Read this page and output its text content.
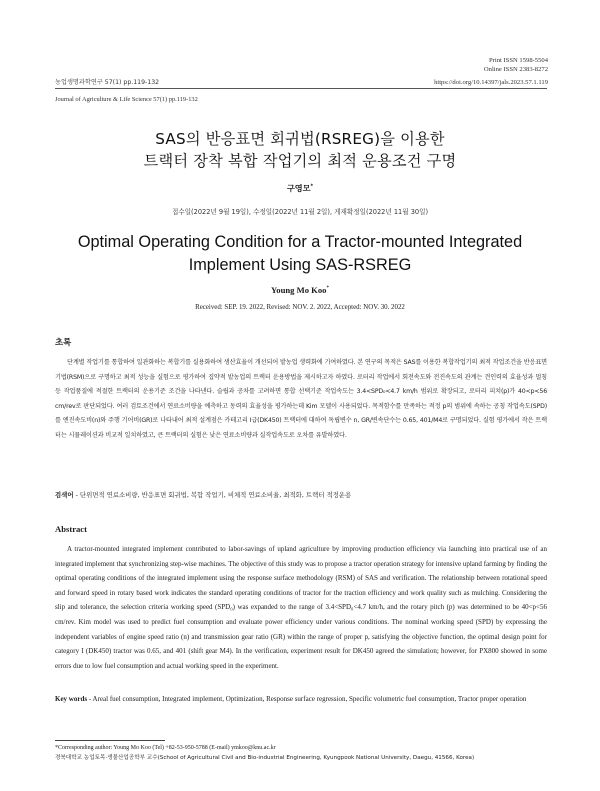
Print ISSN 1598-5504
Online ISSN 2383-8272
https://doi.org/10.14397/jals.2023.57.1.119
농업생명과학연구 57(1) pp.119-132
Journal of Agriculture & Life Science 57(1) pp.119-132
SAS의 반응표면 회귀법(RSREG)을 이용한
트랙터 장착 복합 작업기의 최적 운용조건 구명
구영모*
접수일(2022년 9월 19일), 수정일(2022년 11월 2일), 게재확정일(2022년 11월 30일)
Optimal Operating Condition for a Tractor-mounted Integrated
Implement Using SAS-RSREG
Young Mo Koo*
Received: SEP. 19. 2022, Revised: NOV. 2. 2022, Accepted: NOV. 30. 2022
초록

단계별 작업기를 통합하여 일관화하는 복합기를 실용화하여 생산효율이 개선되어 밭농업 생력화에 기여하였다. 본 연구의 목적은 SAS를 이용한 복합작업기의 최적 작업조건을 반응표면기법(RSM)으로 구명하고 최적 성능을 실험으로 평가하여 집약적 밭농업의 트랙터 운용방법을 제시하고자 하였다. 로터리 작업에서 회전속도와 전진속도의 관계는 견인력의 효율성과 멀칭 등 작업품질에 적절한 트랙터의 운용기준 조건을 나타낸다. 슬립과 공차를 고려하면 통합 선택기준 작업속도는 3.4<SPD₀<4.7 km/h 범위로 확장되고, 로터리 피치(p)가 40<p<56 cm/rev로 판단되었다. 여러 검토조건에서 연료소비량을 예측하고 동력의 효율성을 평가하는데 Kim 모델이 사용되었다. 목적함수를 만족하는 적정 p의 범위에 속하는 공칭 작업속도(SPD)를 엔진속도비(n)와 주행 기어비(GR)로 나타내어 최적 설계점은 카테고리 I급(DK450) 트랙터에 대하여 독립변수 n, GR/변속단수는 0.65, 401/M4로 구명되었다. 실험 평가에서 작은 트랙터는 시뮬레이션과 비교적 일치하였고, 큰 트랙터의 실험은 낮은 연료소비량과 실작업속도로 오차를 유발하였다.

검색어 - 단위면적 연료소비량, 반응표면 회귀법, 복합 작업기, 비체적 연료소비율, 최적화, 트랙터 적정운용
Abstract

A tractor-mounted integrated implement contributed to labor-savings of upland agriculture by improving production efficiency via launching into practical use of an integrated implement that synchronizing step-wise machines. The objective of this study was to propose a tractor operation strategy for intensive upland farming by finding the optimal operating conditions of the integrated implement using the response surface methodology (RSM) of SAS and verification. The relationship between rotational speed and forward speed in rotary based work indicates the standard operating conditions of tractor for the traction efficiency and work quality such as mulching. Considering the slip and tolerance, the selection criteria working speed (SPD₀) was expanded to the range of 3.4<SPD₀<4.7 km/h, and the rotary pitch (p) was determined to be 40<p<56 cm/rev. Kim model was used to predict fuel consumption and evaluate power efficiency under various conditions. The nominal working speed (SPD) by expressing the independent variables of engine speed ratio (n) and transmission gear ratio (GR) within the range of proper p, satisfying the objective function, the optimal design point for category I (DK450) tractor was 0.65, and 401 (shift gear M4). In the verification, experiment result for DK450 agreed the simulation; however, for PX800 showed in some errors due to low fuel consumption and actual working speed in the experiment.

Key words - Areal fuel consumption, Integrated implement, Optimization, Response surface regression, Specific volumetric fuel consumption, Tractor proper operation
*Corresponding author: Young Mo Koo (Tel) +82-53-950-5788 (E-mail) ymkoo@knu.ac.kr
경북대학교 농업토목·생물산업공학부 교수(School of Agricultural Civil and Bio-industrial Engineering, Kyungpook National University, Daegu, 41566, Korea)
